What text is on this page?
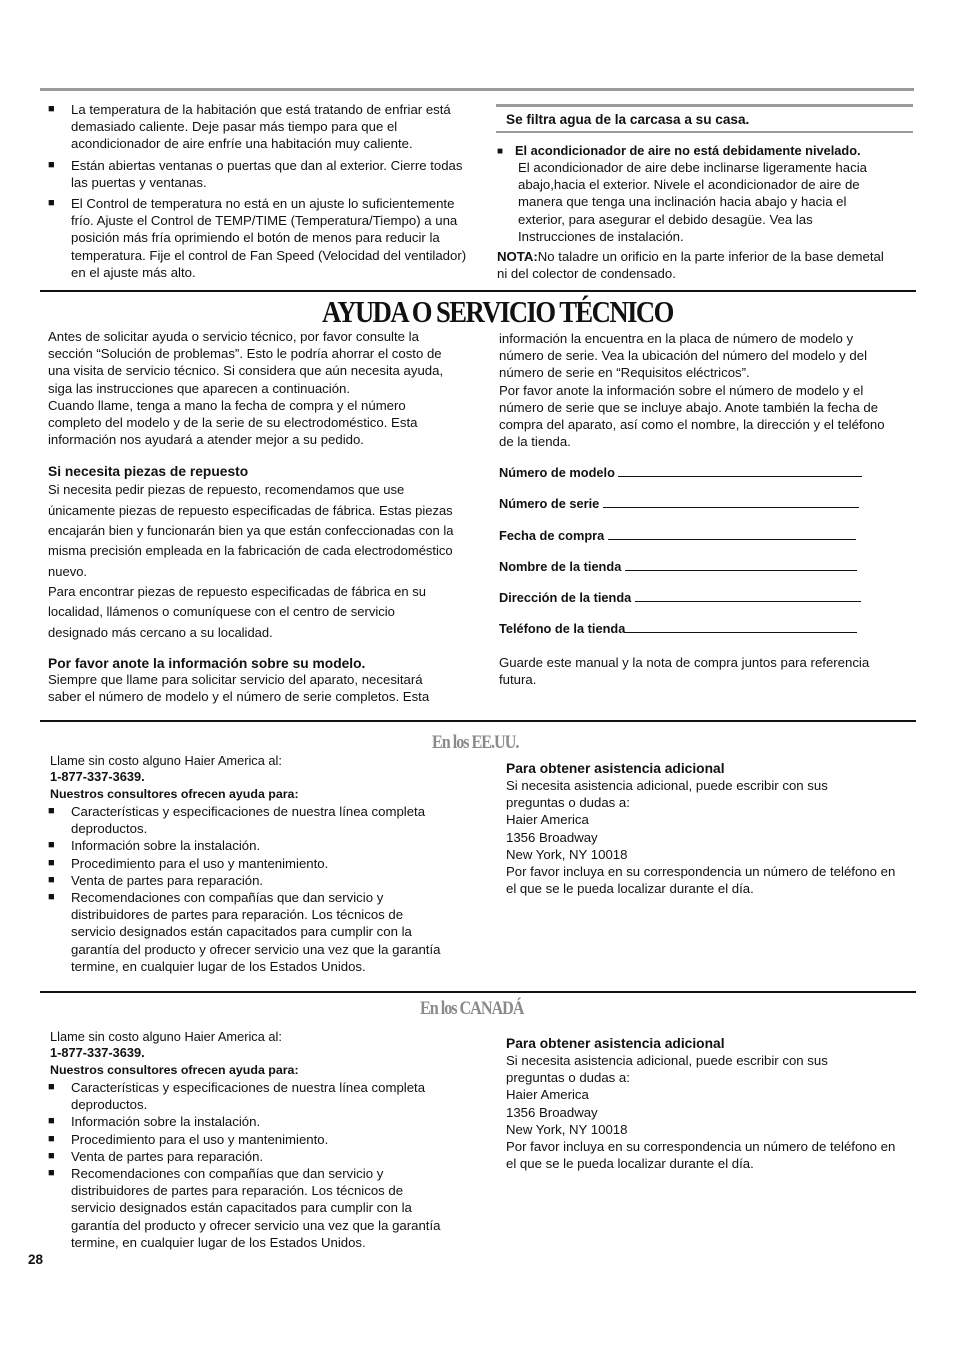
■ La temperatura de la habitación que está tratando de enfriar está demasiado caliente. Deje pasar más tiempo para que el acondicionador de aire enfríe una habitación muy caliente.
■ Están abiertas ventanas o puertas que dan al exterior. Cierre todas las puertas y ventanas.
■ El Control de temperatura no está en un ajuste lo suficientemente frío. Ajuste el Control de TEMP/TIME (Temperatura/Tiempo) a una posición más fría oprimiendo el botón de menos para reducir la temperatura. Fije el control de Fan Speed (Velocidad del ventilador) en el ajuste más alto.

Se filtra agua de la carcasa a su casa.

■ El acondicionador de aire no está debidamente nivelado.

El acondicionador de aire debe inclinarse ligeramente hacia abajo,hacia el exterior. Nivele el acondicionador de aire de manera que tenga una inclinación hacia abajo y hacia el exterior, para asegurar el debido desagüe. Vea las Instrucciones de instalación.

NOTA:No taladre un orificio en la parte inferior de la base demetal ni del colector de condensado.

AYUDA O SERVICIO TÉCNICO

Antes de solicitar ayuda o servicio técnico, por favor consulte la sección “Solución de problemas”. Esto le podría ahorrar el costo de una visita de servicio técnico. Si considera que aún necesita ayuda, siga las instrucciones que aparecen a continuación.

Cuando llame, tenga a mano la fecha de compra y el número completo del modelo y de la serie de su electrodoméstico. Esta información nos ayudará a atender mejor a su pedido.

Si necesita piezas de repuesto

Si necesita pedir piezas de repuesto, recomendamos que use únicamente piezas de repuesto especificadas de fábrica. Estas piezas encajarán bien y funcionarán bien ya que están confeccionadas con la misma precisión empleada en la fabricación de cada electrodoméstico nuevo.

Para encontrar piezas de repuesto especificadas de fábrica en su localidad, llámenos o comuníquese con el centro de servicio designado más cercano a su localidad.

Por favor anote la información sobre su modelo.

Siempre que llame para solicitar servicio del aparato, necesitará saber el número de modelo y el número de serie completos. Esta

información la encuentra en la placa de número de modelo y número de serie. Vea la ubicación del número del modelo y del número de serie en “Requisitos eléctricos”.

Por favor anote la información sobre el número de modelo y el número de serie que se incluye abajo. Anote también la fecha de compra del aparato, así como el nombre, la dirección y el teléfono de la tienda.

Número de modelo
Número de serie
Fecha de compra
Nombre de la tienda
Dirección de la tienda
Teléfono de la tienda

Guarde este manual y la nota de compra juntos para referencia futura.

En los EE.UU.

Llame sin costo alguno Haier America al:

1-877-337-3639.

Nuestros consultores ofrecen ayuda para:

■ Características y especificaciones de nuestra línea completa deproductos.
■ Información sobre la instalación.
■ Procedimiento para el uso y mantenimiento.
■ Venta de partes para reparación.
■ Recomendaciones con compañías que dan servicio y distribuidores de partes para reparación. Los técnicos de servicio designados están capacitados para cumplir con la garantía del producto y ofrecer servicio una vez que la garantía termine, en cualquier lugar de los Estados Unidos.

Para obtener asistencia adicional

Si necesita asistencia adicional, puede escribir con sus preguntas o dudas a:

Haier America

1356 Broadway

New York, NY 10018

Por favor incluya en su correspondencia un número de teléfono en el que se le pueda localizar durante el día.

En los CANADÁ

Llame sin costo alguno Haier America al:

1-877-337-3639.

Nuestros consultores ofrecen ayuda para:

■ Características y especificaciones de nuestra línea completa deproductos.
■ Información sobre la instalación.
■ Procedimiento para el uso y mantenimiento.
■ Venta de partes para reparación.
■ Recomendaciones con compañías que dan servicio y distribuidores de partes para reparación. Los técnicos de servicio designados están capacitados para cumplir con la garantía del producto y ofrecer servicio una vez que la garantía termine, en cualquier lugar de los Estados Unidos.

Para obtener asistencia adicional

Si necesita asistencia adicional, puede escribir con sus preguntas o dudas a:

Haier America

1356 Broadway

New York, NY 10018

Por favor incluya en su correspondencia un número de teléfono en el que se le pueda localizar durante el día.

28
